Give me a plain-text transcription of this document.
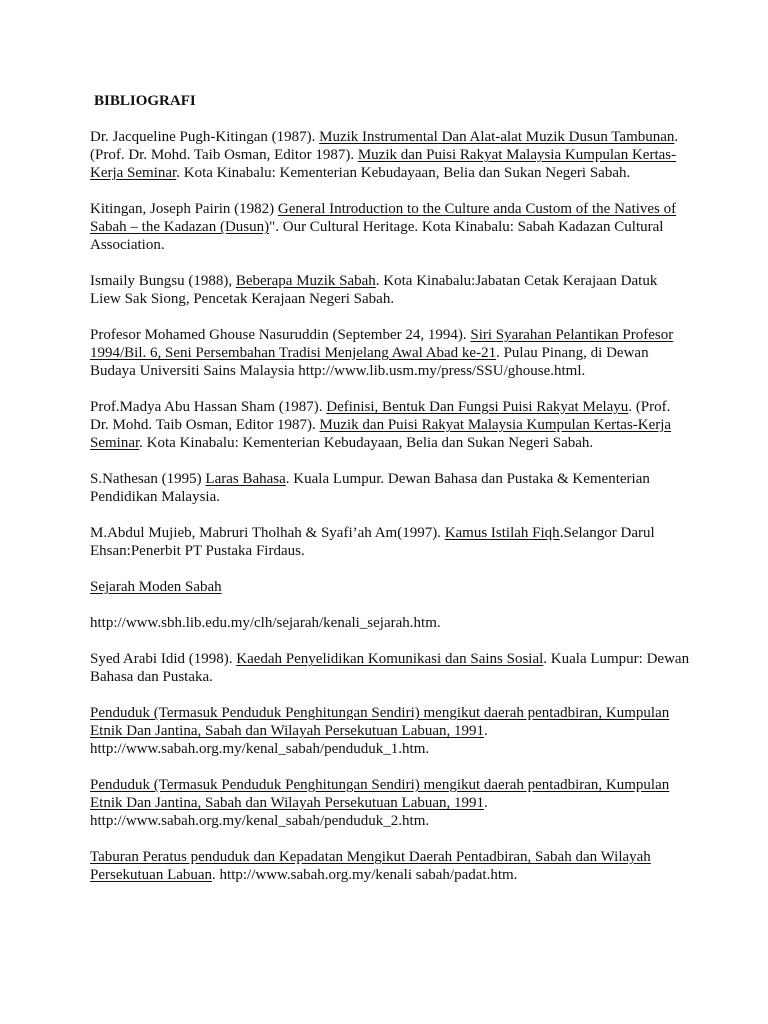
BIBLIOGRAFI
Dr. Jacqueline Pugh-Kitingan (1987). Muzik Instrumental Dan Alat-alat Muzik Dusun Tambunan. (Prof. Dr. Mohd. Taib Osman, Editor 1987). Muzik dan Puisi Rakyat Malaysia Kumpulan Kertas-Kerja Seminar. Kota Kinabalu: Kementerian Kebudayaan, Belia dan Sukan Negeri Sabah.
Kitingan, Joseph Pairin (1982) General Introduction to the Culture anda Custom of the Natives of Sabah – the Kadazan (Dusun)". Our Cultural Heritage. Kota Kinabalu: Sabah Kadazan Cultural Association.
Ismaily Bungsu (1988), Beberapa Muzik Sabah. Kota Kinabalu:Jabatan Cetak Kerajaan Datuk Liew Sak Siong, Pencetak Kerajaan Negeri Sabah.
Profesor Mohamed Ghouse Nasuruddin (September 24, 1994). Siri Syarahan Pelantikan Profesor 1994/Bil. 6, Seni Persembahan Tradisi Menjelang Awal Abad ke-21. Pulau Pinang, di Dewan Budaya Universiti Sains Malaysia http://www.lib.usm.my/press/SSU/ghouse.html.
Prof.Madya Abu Hassan Sham (1987). Definisi, Bentuk Dan Fungsi Puisi Rakyat Melayu. (Prof. Dr. Mohd. Taib Osman, Editor 1987). Muzik dan Puisi Rakyat Malaysia Kumpulan Kertas-Kerja Seminar. Kota Kinabalu: Kementerian Kebudayaan, Belia dan Sukan Negeri Sabah.
S.Nathesan (1995) Laras Bahasa. Kuala Lumpur. Dewan Bahasa dan Pustaka & Kementerian Pendidikan Malaysia.
M.Abdul Mujieb, Mabruri Tholhah & Syafi’ah Am(1997). Kamus Istilah Fiqh.Selangor Darul Ehsan:Penerbit PT Pustaka Firdaus.
Sejarah Moden Sabah
http://www.sbh.lib.edu.my/clh/sejarah/kenali_sejarah.htm.
Syed Arabi Idid (1998). Kaedah Penyelidikan Komunikasi dan Sains Sosial. Kuala Lumpur: Dewan Bahasa dan Pustaka.
Penduduk (Termasuk Penduduk Penghitungan Sendiri) mengikut daerah pentadbiran, Kumpulan Etnik Dan Jantina, Sabah dan Wilayah Persekutuan Labuan, 1991. http://www.sabah.org.my/kenal_sabah/penduduk_1.htm.
Penduduk (Termasuk Penduduk Penghitungan Sendiri) mengikut daerah pentadbiran, Kumpulan Etnik Dan Jantina, Sabah dan Wilayah Persekutuan Labuan, 1991. http://www.sabah.org.my/kenal_sabah/penduduk_2.htm.
Taburan Peratus penduduk dan Kepadatan Mengikut Daerah Pentadbiran, Sabah dan Wilayah Persekutuan Labuan. http://www.sabah.org.my/kenali sabah/padat.htm.
